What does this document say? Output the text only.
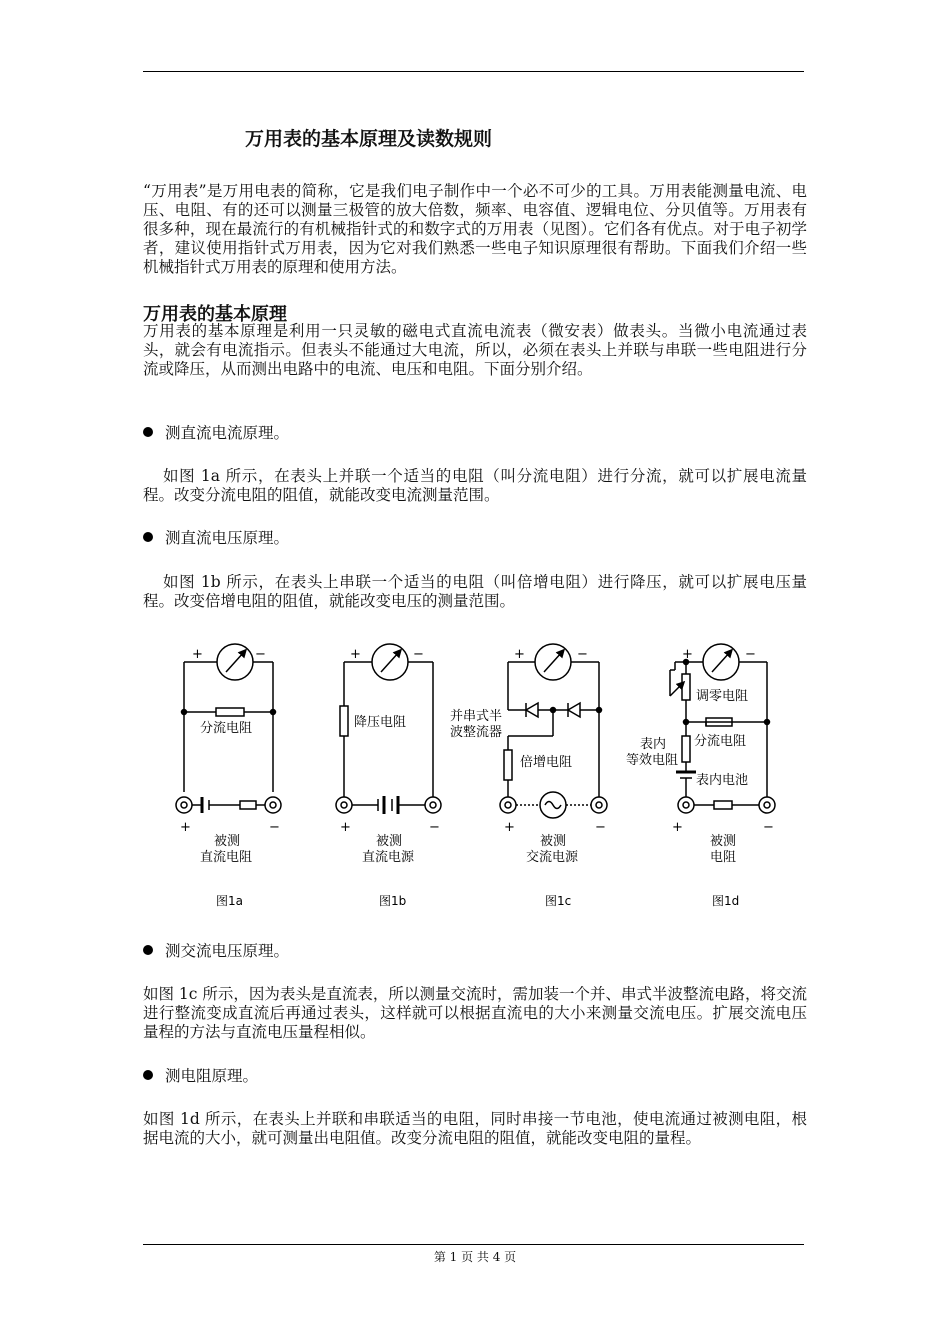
万用表的基本原理及读数规则
“万用表”是万用电表的简称，它是我们电子制作中一个必不可少的工具。万用表能测量电流、电压、电阻、有的还可以测量三极管的放大倍数，频率、电容值、逻辑电位、分贝值等。万用表有很多种，现在最流行的有机械指针式的和数字式的万用表（见图）。它们各有优点。对于电子初学者，建议使用指针式万用表，因为它对我们熟悉一些电子知识原理很有帮助。下面我们介绍一些机械指针式万用表的原理和使用方法。
万用表的基本原理
万用表的基本原理是利用一只灵敏的磁电式直流电流表（微安表）做表头。当微小电流通过表头，就会有电流指示。但表头不能通过大电流，所以，必须在表头上并联与串联一些电阻进行分流或降压，从而测出电路中的电流、电压和电阻。下面分别介绍。
测直流电流原理。
如图 1a 所示，在表头上并联一个适当的电阻（叫分流电阻）进行分流，就可以扩展电流量程。改变分流电阻的阻值，就能改变电流测量范围。
测直流电压原理。
如图 1b 所示，在表头上串联一个适当的电阻（叫倍增电阻）进行降压，就可以扩展电压量程。改变倍增电阻的阻值，就能改变电压的测量范围。
+	−
+	−
+	−
+	−
+	−
+	−
+	−
+	−
分流电阻
被测
直流电阻
图1a
降压电阻
被测
直流电源
图1b
并串式半
波整流器
倍增电阻
被测
交流电源
图1c
调零电阻
分流电阻
表内
等效电阻
表内电池
被测
电阻
图1d
测交流电压原理。
如图 1c 所示，因为表头是直流表，所以测量交流时，需加装一个并、串式半波整流电路，将交流进行整流变成直流后再通过表头，这样就可以根据直流电的大小来测量交流电压。扩展交流电压量程的方法与直流电压量程相似。
测电阻原理。
如图 1d 所示，在表头上并联和串联适当的电阻，同时串接一节电池，使电流通过被测电阻，根据电流的大小，就可测量出电阻值。改变分流电阻的阻值，就能改变电阻的量程。
第 1 页 共 4 页
